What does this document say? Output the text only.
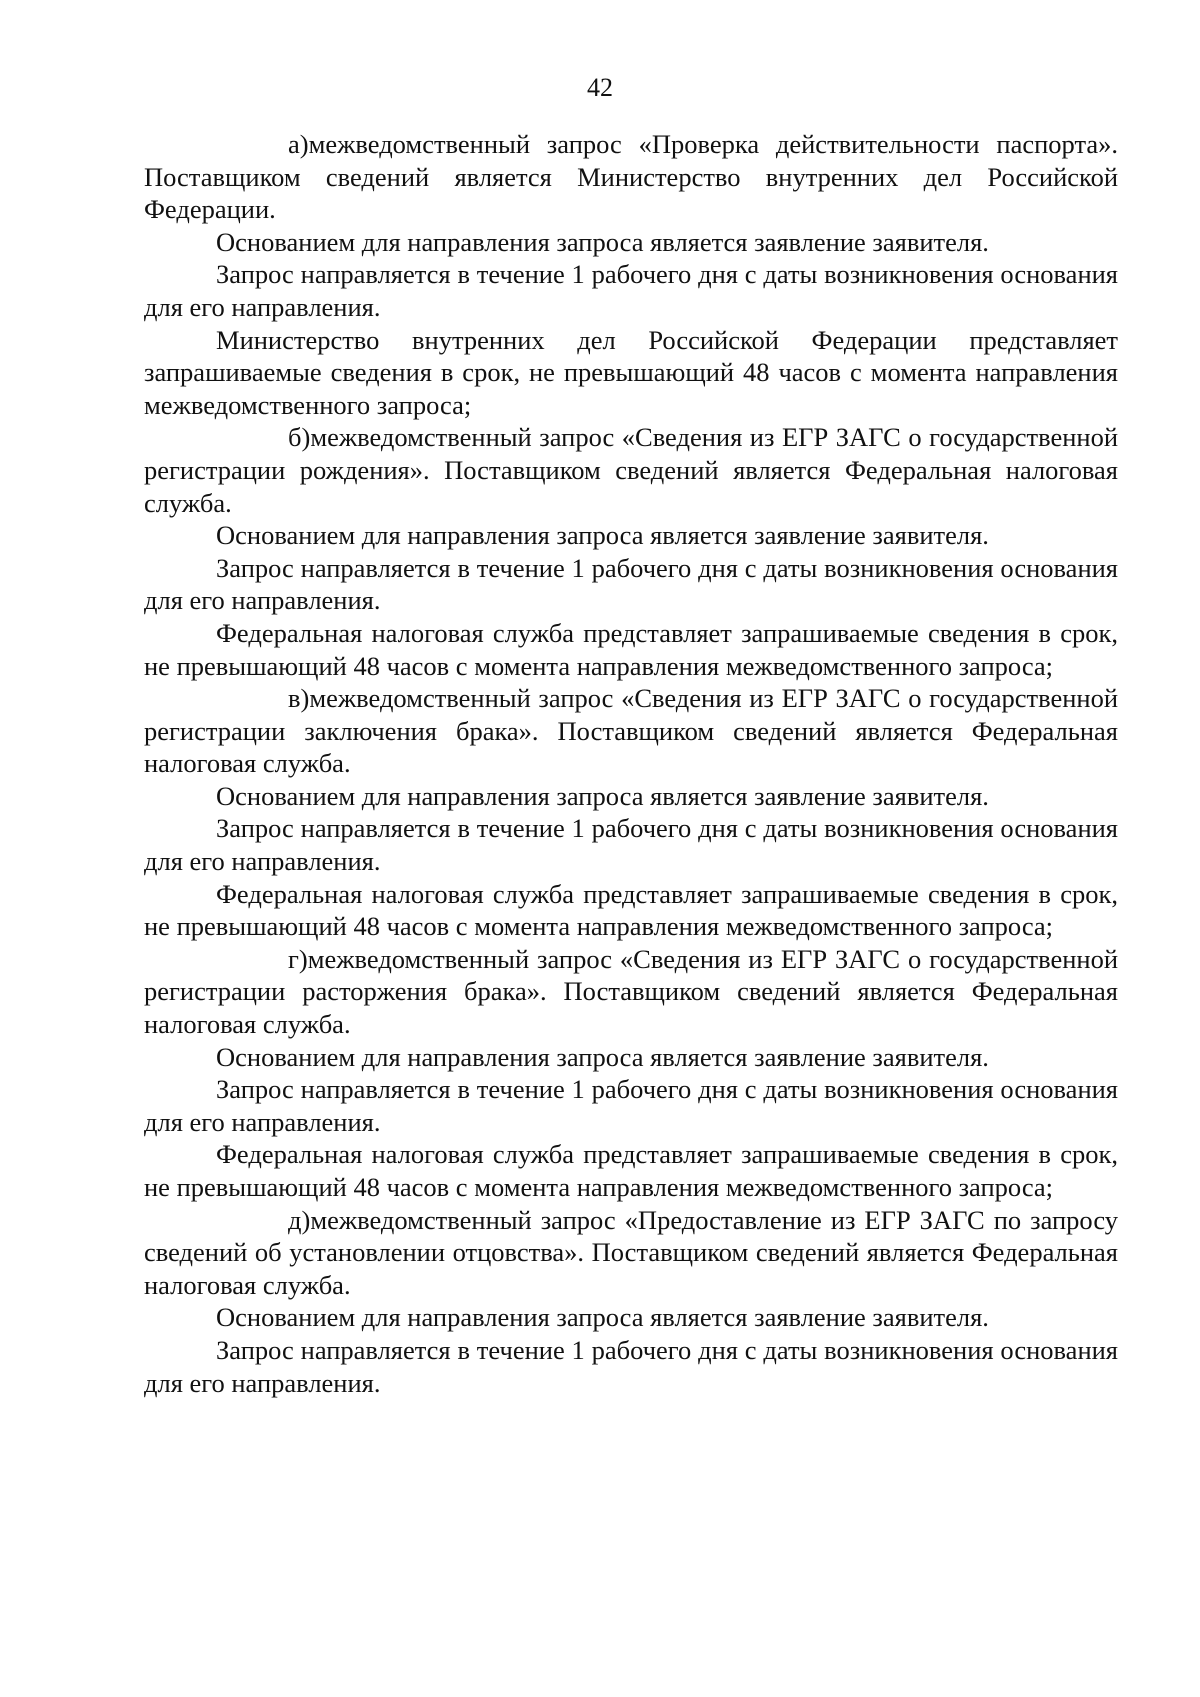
42

а)межведомственный запрос «Проверка действительности паспорта». Поставщиком сведений является Министерство внутренних дел Российской Федерации.

Основанием для направления запроса является заявление заявителя.

Запрос направляется в течение 1 рабочего дня с даты возникновения основания для его направления.

Министерство внутренних дел Российской Федерации представляет запрашиваемые сведения в срок, не превышающий 48 часов с момента направления межведомственного запроса;

б)межведомственный запрос «Сведения из ЕГР ЗАГС о государственной регистрации рождения». Поставщиком сведений является Федеральная налоговая служба.

Основанием для направления запроса является заявление заявителя.

Запрос направляется в течение 1 рабочего дня с даты возникновения основания для его направления.

Федеральная налоговая служба представляет запрашиваемые сведения в срок, не превышающий 48 часов с момента направления межведомственного запроса;

в)межведомственный запрос «Сведения из ЕГР ЗАГС о государственной регистрации заключения брака». Поставщиком сведений является Федеральная налоговая служба.

Основанием для направления запроса является заявление заявителя.

Запрос направляется в течение 1 рабочего дня с даты возникновения основания для его направления.

Федеральная налоговая служба представляет запрашиваемые сведения в срок, не превышающий 48 часов с момента направления межведомственного запроса;

г)межведомственный запрос «Сведения из ЕГР ЗАГС о государственной регистрации расторжения брака». Поставщиком сведений является Федеральная налоговая служба.

Основанием для направления запроса является заявление заявителя.

Запрос направляется в течение 1 рабочего дня с даты возникновения основания для его направления.

Федеральная налоговая служба представляет запрашиваемые сведения в срок, не превышающий 48 часов с момента направления межведомственного запроса;

д)межведомственный запрос «Предоставление из ЕГР ЗАГС по запросу сведений об установлении отцовства». Поставщиком сведений является Федеральная налоговая служба.

Основанием для направления запроса является заявление заявителя.

Запрос направляется в течение 1 рабочего дня с даты возникновения основания для его направления.
